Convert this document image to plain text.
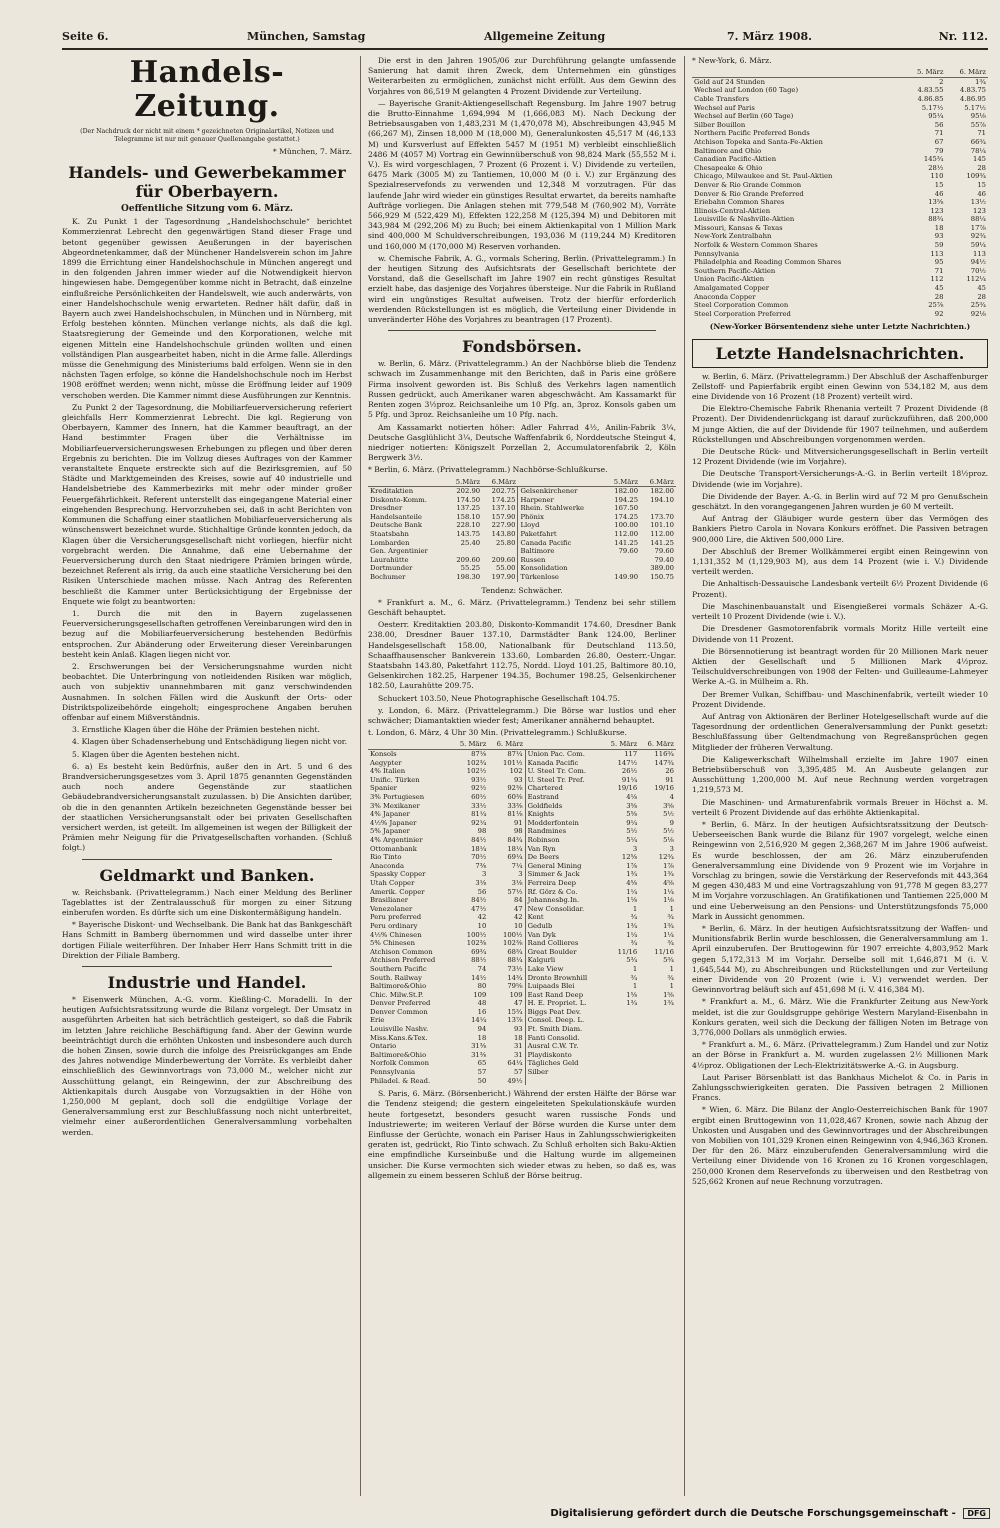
Seite 6.	München, Samstag	Allgemeine Zeitung	7. März 1908.	Nr. 112.
Handels-Zeitung.
(Der Nachdruck der nicht mit einem * gezeichneten Originalartikel, Notizen und Telegramme ist nur mit genauer Quellenangabe gestattet.)
* München, 7. März.
Handels- und Gewerbekammer für Oberbayern.
Oeffentliche Sitzung vom 6. März.

K. Zu Punkt 1 der Tagesordnung „Handelshochschule“ berichtet Kommerzienrat Lebrecht den gegenwärtigen Stand dieser Frage und betont gegenüber gewissen Aeußerungen in der bayerischen Abgeordnetenkammer, daß der Münchener Handelsverein schon im Jahre 1899 die Errichtung einer Handelshochschule in München angeregt und in den folgenden Jahren immer wieder auf die Notwendigkeit hiervon hingewiesen habe. Demgegenüber komme nicht in Betracht, daß einzelne einflußreiche Persönlichkeiten der Handelswelt, wie auch anderwärts, von einer Handelshochschule wenig erwarteten. Redner hält dafür, daß in Bayern auch zwei Handelshochschulen, in München und in Nürnberg, mit Erfolg bestehen könnten. München verlange nichts, als daß die kgl. Staatsregierung der Gemeinde und den Korporationen, welche mit eigenen Mitteln eine Handelshochschule gründen wollten und einen vollständigen Plan ausgearbeitet haben, nicht in die Arme falle. Allerdings müsse die Genehmigung des Ministeriums bald erfolgen. Wenn sie in den nächsten Tagen erfolge, so könne die Handelshochschule noch im Herbst 1908 eröffnet werden; wenn nicht, müsse die Eröffnung leider auf 1909 verschoben werden. Die Kammer nimmt diese Ausführungen zur Kenntnis.

Zu Punkt 2 der Tagesordnung, die Mobiliarfeuerversicherung referiert gleichfalls Herr Kommerzienrat Lebrecht. Die kgl. Regierung von Oberbayern, Kammer des Innern, hat die Kammer beauftragt, an der Hand bestimmter Fragen über die Verhältnisse im Mobiliarfeuerversicherungswesen Erhebungen zu pflegen und über deren Ergebnis zu berichten. Die im Vollzug dieses Auftrages von der Kammer veranstaltete Enquete erstreckte sich auf die Bezirksgremien, auf 50 Städte und Marktgemeinden des Kreises, sowie auf 40 industrielle und Handelsbetriebe des Kammerbezirks mit mehr oder minder großer Feuergefährlichkeit. Referent unterstellt das eingegangene Material einer eingehenden Besprechung. Hervorzuheben sei, daß in acht Berichten von Kommunen die Schaffung einer staatlichen Mobiliarfeuerversicherung als wünschenswert bezeichnet wurde. Stichhaltige Gründe konnten jedoch, da Klagen über die Versicherungsgesellschaft nicht vorliegen, hierfür nicht vorgebracht werden. Die Annahme, daß eine Uebernahme der Feuerversicherung durch den Staat niedrigere Prämien bringen würde, bezeichnet Referent als irrig, da auch eine staatliche Versicherung bei den Risiken Unterschiede machen müsse. Nach Antrag des Referenten beschließt die Kammer unter Berücksichtigung der Ergebnisse der Enquete wie folgt zu beantworten:

1. Durch die mit den in Bayern zugelassenen Feuerversicherungsgesellschaften getroffenen Vereinbarungen wird den in bezug auf die Mobiliarfeuerversicherung bestehenden Bedürfnis entsprochen. Zur Abänderung oder Erweiterung dieser Vereinbarungen besteht kein Anlaß. Klagen liegen nicht vor.

2. Erschwerungen bei der Versicherungsnahme wurden nicht beobachtet. Die Unterbringung von notleidenden Risiken war möglich, auch von subjektiv unannehmbaren mit ganz verschwindenden Ausnahmen. In solchen Fällen wird die Auskunft der Orts- oder Distriktspolizeibehörde eingeholt; eingesprochene Angaben beruhen offenbar auf einem Mißverständnis.

3. Ernstliche Klagen über die Höhe der Prämien bestehen nicht.

4. Klagen über Schadenserhebung und Entschädigung liegen nicht vor.

5. Klagen über die Agenten bestehen nicht.

6. a) Es besteht kein Bedürfnis, außer den in Art. 5 und 6 des Brandversicherungsgesetzes vom 3. April 1875 genannten Gegenständen auch noch andere Gegenstände zur staatlichen Gebäudebrandversicherungsanstalt zuzulassen. b) Die Ansichten darüber, ob die in den genannten Artikeln bezeichneten Gegenstände besser bei der staatlichen Versicherungsanstalt oder bei privaten Gesellschaften versichert werden, ist geteilt. Im allgemeinen ist wegen der Billigkeit der Prämien mehr Neigung für die Privatgesellschaften vorhanden. (Schluß folgt.)

Geldmarkt und Banken.

w. Reichsbank. (Privattelegramm.) Nach einer Meldung des Berliner Tageblattes ist der Zentralausschuß für morgen zu einer Sitzung einberufen worden. Es dürfte sich um eine Diskontermäßigung handeln.

* Bayerische Diskont- und Wechselbank. Die Bank hat das Bankgeschäft Hans Schmitt in Bamberg übernommen und wird dasselbe unter ihrer dortigen Filiale weiterführen. Der Inhaber Herr Hans Schmitt tritt in die Direktion der Filiale Bamberg.

Industrie und Handel.

* Eisenwerk München, A.-G. vorm. Kießling-C. Moradelli. In der heutigen Aufsichtsratssitzung wurde die Bilanz vorgelegt. Der Umsatz in ausgeführten Arbeiten hat sich beträchtlich gesteigert, so daß die Fabrik im letzten Jahre reichliche Beschäftigung fand. Aber der Gewinn wurde beeinträchtigt durch die erhöhten Unkosten und insbesondere auch durch die hohen Zinsen, sowie durch die infolge des Preisrückganges am Ende des Jahres notwendige Minderbewertung der Vorräte. Es verbleibt daher einschließlich des Gewinnvortrags von 73,000 M., welcher nicht zur Ausschüttung gelangt, ein Reingewinn, der zur Abschreibung des Aktienkapitals durch Ausgabe von Vorzugsaktien in der Höhe von 1,250,000 M geplant, doch soll die endgültige Vorlage der Generalversammlung erst zur Beschlußfassung noch nicht unterbreitet, vielmehr einer außerordentlichen Generalversammlung vorbehalten werden.

Die erst in den Jahren 1905/06 zur Durchführung gelangte umfassende Sanierung hat damit ihren Zweck, dem Unternehmen ein günstiges Weiterarbeiten zu ermöglichen, zunächst nicht erfüllt. Aus dem Gewinn des Vorjahres von 86,519 M gelangten 4 Prozent Dividende zur Verteilung.

— Bayerische Granit-Aktiengesellschaft Regensburg. Im Jahre 1907 betrug die Brutto-Einnahme 1,694,994 M (1,666,083 M). Nach Deckung der Betriebsausgaben von 1,483,231 M (1,470,078 M), Abschreibungen 43,945 M (66,267 M), Zinsen 18,000 M (18,000 M), Generalunkosten 45,517 M (46,133 M) und Kursverlust auf Effekten 5457 M (1951 M) verbleibt einschließlich 2486 M (4057 M) Vortrag ein Gewinnüberschuß von 98,824 Mark (55,552 M i. V.). Es wird vorgeschlagen, 7 Prozent (6 Prozent i. V.) Dividende zu verteilen, 6475 Mark (3005 M) zu Tantiemen, 10,000 M (0 i. V.) zur Ergänzung des Spezialreservefonds zu verwenden und 12,348 M vorzutragen. Für das laufende Jahr wird wieder ein günstiges Resultat erwartet, da bereits namhafte Aufträge vorliegen. Die Anlagen stehen mit 779,548 M (760,902 M), Vorräte 566,929 M (522,429 M), Effekten 122,258 M (125,394 M) und Debitoren mit 343,984 M (292,206 M) zu Buch; bei einem Aktienkapital von 1 Million Mark sind 400,000 M Schuldverschreibungen, 193,036 M (119,244 M) Kreditoren und 160,000 M (170,000 M) Reserven vorhanden.

w. Chemische Fabrik, A. G., vormals Schering, Berlin. (Privattelegramm.) In der heutigen Sitzung des Aufsichtsrats der Gesellschaft berichtete der Vorstand, daß die Gesellschaft im Jahre 1907 ein recht günstiges Resultat erzielt habe, das dasjenige des Vorjahres übersteige. Nur die Fabrik in Rußland wird ein ungünstiges Resultat aufweisen. Trotz der hierfür erforderlich werdenden Rückstellungen ist es möglich, die Verteilung einer Dividende in unveränderter Höhe des Vorjahres zu beantragen (17 Prozent).

Fondsbörsen.

w. Berlin, 6. März. (Privattelegramm.) An der Nachbörse blieb die Tendenz schwach im Zusammenhange mit den Berichten, daß in Paris eine größere Firma insolvent geworden ist. Bis Schluß des Verkehrs lagen namentlich Russen gedrückt, auch Amerikaner waren abgeschwächt. Am Kassamarkt für Renten zogen 3½proz. Reichsanleihe um 10 Pfg. an, 3proz. Konsols gaben um 5 Pfg. und 3proz. Reichsanleihe um 10 Pfg. nach.

Am Kassamarkt notierten höher: Adler Fahrrad 4½, Anilin-Fabrik 3¼, Deutsche Gasglühlicht 3¼, Deutsche Waffenfabrik 6, Norddeutsche Steingut 4, niedriger notierten: Königszelt Porzellan 2, Accumulatorenfabrik 2, Köln Bergwerk 3½.

* Berlin, 6. März. (Privattelegramm.) Nachbörse-Schlußkurse.

	5.März	6.März		5.März	6.März
Kreditaktien	202.90	202.75	Gelsenkirchener	182.00	182.00
Diskonto-Komm.	174.50	174.25	Harpener	194.25	194.10
Dresdner	137.25	137.10	Rhein. Stahlwerke	167.50	
Handelsanteile	158.10	157.90	Phönix	174.25	173.70
Deutsche Bank	228.10	227.90	Lloyd	100.00	101.10
Staatsbahn	143.75	143.80	Paketfahrt	112.00	112.00
Lombarden	25.40	25.80	Canada Pacific	141.25	141.25
Gen. Argentinier			Baltimore	79.60	79.60
Laurahütte	209.60	209.60	Russen		79.40
Dortmunder	55.25	55.00	Konsolidation		389.00
Bochumer	198.30	197.90	Türkenlose	149.90	150.75

Tendenz: Schwächer.

* Frankfurt a. M., 6. März. (Privattelegramm.) Tendenz bei sehr stillem Geschäft behauptet.

Oesterr. Kreditaktien 203.80, Diskonto-Kommandit 174.60, Dresdner Bank 238.00, Dresdner Bauer 137.10, Darmstädter Bank 124.00, Berliner Handelsgesellschaft 158.00, Nationalbank für Deutschland 113.50, Schaaffhausenscher Bankverein 133.60, Lombarden 26.80, Oesterr.-Ungar. Staatsbahn 143.80, Paketfahrt 112.75, Nordd. Lloyd 101.25, Baltimore 80.10, Gelsenkirchen 182.25, Harpener 194.35, Bochumer 198.25, Gelsenkirchener 182.50, Laurahütte 209.75.

Schuckert 103.50, Neue Photographische Gesellschaft 104.75.

y. London, 6. März. (Privattelegramm.) Die Börse war lustlos und eher schwächer; Diamantaktien wieder fest; Amerikaner annähernd behauptet.

t. London, 6. März, 4 Uhr 30 Min. (Privattelegramm.) Schlußkurse.

	5. März	6. März		5. März	6. März
Konsols	87⅛	87¼	Union Pac. Com.	117	116¾
Aegypter	102¾	101½	Kanada Pacific	147½	147¾
4% Italien	102½	102	U. Steel Tr. Com.	26½	26
Unific. Türken	93½	93	U. Steel Tr. Pref.	91¼	91
Spanier	92½	92⅜	Chartered	19/16	19/16
3% Portugiesen	60½	60⅜	Eastrand	4⅛	4
3% Mexikaner	33½	33⅜	Goldfields	3⅝	3⅝
4% Japaner	81¼	81⅛	Knights	5⅝	5½
4½% Japaner	92¼	91	Modderfontein	9¼	9
5% Japaner	98	98	Randmines	5½	5½
4% Argentinier	84½	84¾	Robinson	5¼	5⅛
Ottomanbank	18¼	18¼	Van Ryn	3	3
Rio Tinto	70½	69¼	De Beers	12⅝	12¾
Anaconda	7⅜	7¼	General Mining	1⅞	1⅞
Spassky Copper	3	3	Simmer & Jack	1¾	1¾
Utah Copper	3⅛	3⅛	Ferreira Deep	4⅝	4⅝
Amerik. Copper	56	57½	Rf. Görz & Co.	1¼	1¼
Brasilianer	84½	84	Johannesbg.In.	1⅛	1⅛
Venezolaner	47½	47	New Consolidar.	1	1
Peru preferred	42	42	Kent	¾	¾
Peru ordinary	10	10	Gedulb	1¾	1¾
4½% Chinesen	100½	100½	Van Dyk	1¼	1¼
5% Chinesen	102⅜	102⅜	Rand Collieres	¾	¾
Atchison Common	69¾	68¾	Great Boulder	11/16	11/16
Atchison Preferred	88½	88¼	Kalgurli	5¾	5¾
Southern Pacific	74	73½	Lake View	1	1
South. Railway	14½	14¾	Dronto Brownhill	¾	¾
Baltimore&Ohio	80	79⅝	Luipaads Blei	1	1
Chic. Milw.St.P.	109	109	East Rand Deep	1⅝	1⅝
Denver Preferred	48	47	H. E. Propriet. L.	1¾	1¾
Denver Common	16	15¾	Biggs Peat Dev.		
Erie	14¼	13⅞	Consol. Deep. L.		
Louisville Nashv.	94	93	Ft. Smith Diam.		
Miss.Kans.&Tex.	18	18	Fanti Consolid.		
Ontario	31⅜	31	Ausral C.W. Tr.		
Baltimore&Ohio	31⅜	31	Playdiskonto		
Norfolk Common	65	64¼	Tägliches Geld		
Pennsylvania	57	57	Silber		
Philadel. & Read.	50	49½			

S. Paris, 6. März. (Börsenbericht.) Während der ersten Hälfte der Börse war die Tendenz steigend; die gestern eingeleiteten Spekulationskäufe wurden heute fortgesetzt, besonders gesucht waren russische Fonds und Industriewerte; im weiteren Verlauf der Börse wurden die Kurse unter dem Einflusse der Gerüchte, wonach ein Pariser Haus in Zahlungsschwierigkeiten geraten ist, gedrückt, Rio Tinto schwach. Zu Schluß erholten sich Baku-Aktien eine empfindliche Kurseinbuße und die Haltung wurde im allgemeinen unsicher. Die Kurse vermochten sich wieder etwas zu heben, so daß es, was allgemein zu einem besseren Schluß der Börse beitrug.

* New-York, 6. März.

	5. März	6. März
Geld auf 24 Stunden	2	1¾
Wechsel auf London (60 Tage)	4.83.55	4.83.75
Cable Transfers	4.86.85	4.86.95
Wechsel auf Paris	5.17½	5.17½
Wechsel auf Berlin (60 Tage)	95¼	95⅛
Silber Bouillon	56	55⅞
Northern Pacific Preferred Bonds	71	71
Atchison Topeka and Santa-Fe-Aktien	67	66¾
Baltimore and Ohio	79	78¼
Canadian Pacific-Aktien	145¾	145
Chesapeake & Ohio	28½	28
Chicago, Milwaukee and St. Paul-Aktien	110	109¾
Denver & Rio Grande Common	15	15
Denver & Rio Grande Preferred	46	46
Eriebahn Common Shares	13⅝	13½
Illinois-Central-Aktien	123	123
Louisville & Nashville-Aktien	88¾	88¼
Missouri, Kansas & Texas	18	17⅞
New-York Zentralbahn	93	92¾
Norfolk & Western Common Shares	59	59¼
Pennsylvania	113	113
Philadelphia and Reading Common Shares	95	94½
Southern Pacific-Aktien	71	70½
Union Pacific-Aktien	112	112¼
Amalgamated Copper	45	45
Anaconda Copper	28	28
Steel Corporation Common	25⅞	25¾
Steel Corporation Preferred	92	92⅛

(New-Yorker Börsentendenz siehe unter Letzte Nachrichten.)

Letzte Handelsnachrichten.

w. Berlin, 6. März. (Privattelegramm.) Der Abschluß der Aschaffenburger Zellstoff- und Papierfabrik ergibt einen Gewinn von 534,182 M, aus dem eine Dividende von 16 Prozent (18 Prozent) verteilt wird.

Die Elektro-Chemische Fabrik Rhenania verteilt 7 Prozent Dividende (8 Prozent). Der Dividendenrückgang ist darauf zurückzuführen, daß 200,000 M junge Aktien, die auf der Dividende für 1907 teilnehmen, und außerdem Rückstellungen und Abschreibungen vorgenommen werden.

Die Deutsche Rück- und Mitversicherungsgesellschaft in Berlin verteilt 12 Prozent Dividende (wie im Vorjahre).

Die Deutsche Transport-Versicherungs-A.-G. in Berlin verteilt 18½proz. Dividende (wie im Vorjahre).

Die Dividende der Bayer. A.-G. in Berlin wird auf 72 M pro Genußschein geschätzt. In den vorangegangenen Jahren wurden je 60 M verteilt.

Auf Antrag der Gläubiger wurde gestern über das Vermögen des Bankiers Pietro Carola in Novara Konkurs eröffnet. Die Passiven betragen 900,000 Lire, die Aktiven 500,000 Lire.

Der Abschluß der Bremer Wollkämmerei ergibt einen Reingewinn von 1,131,352 M (1,129,903 M), aus dem 14 Prozent (wie i. V.) Dividende verteilt werden.

Die Anhaltisch-Dessauische Landesbank verteilt 6½ Prozent Dividende (6 Prozent).

Die Maschinenbauanstalt und Eisengießerei vormals Schäzer A.-G. verteilt 10 Prozent Dividende (wie i. V.).

Die Dresdener Gasmotorenfabrik vormals Moritz Hille verteilt eine Dividende von 11 Prozent.

Die Börsennotierung ist beantragt worden für 20 Millionen Mark neuer Aktien der Gesellschaft und 5 Millionen Mark 4½proz. Teilschuldverschreibungen von 1908 der Felten- und Guilleaume-Lahmeyer Werke A.-G. in Mülheim a. Rh.

Der Bremer Vulkan, Schiffbau- und Maschinenfabrik, verteilt wieder 10 Prozent Dividende.

Auf Antrag von Aktionären der Berliner Hotelgesellschaft wurde auf die Tagesordnung der ordentlichen Generalversammlung der Punkt gesetzt: Beschlußfassung über Geltendmachung von Regreßansprüchen gegen Mitglieder der früheren Verwaltung.

Die Kaligewerkschaft Wilhelmshall erzielte im Jahre 1907 einen Betriebsüberschuß von 3,395,485 M. An Ausbeute gelangen zur Ausschüttung 1,200,000 M. Auf neue Rechnung werden vorgetragen 1,219,573 M.

Die Maschinen- und Armaturenfabrik vormals Breuer in Höchst a. M. verteilt 6 Prozent Dividende auf das erhöhte Aktienkapital.

* Berlin, 6. März. In der heutigen Aufsichtsratssitzung der Deutsch-Ueberseeischen Bank wurde die Bilanz für 1907 vorgelegt, welche einen Reingewinn von 2,516,920 M gegen 2,368,267 M im Jahre 1906 aufweist. Es wurde beschlossen, der am 26. März einzuberufenden Generalversammlung eine Dividende von 9 Prozent wie im Vorjahre in Vorschlag zu bringen, sowie die Verstärkung der Reservefonds mit 443,364 M gegen 430,483 M und eine Vortragszahlung von 91,778 M gegen 83,277 M im Vorjahre vorzuschlagen. An Gratifikationen und Tantiemen 225,000 M und eine Ueberweisung an den Pensions- und Unterstützungsfonds 75,000 Mark in Aussicht genommen.

* Berlin, 6. März. In der heutigen Aufsichtsratssitzung der Waffen- und Munitionsfabrik Berlin wurde beschlossen, die Generalversammlung am 1. April einzuberufen. Der Bruttogewinn für 1907 erreichte 4,803,952 Mark gegen 5,172,313 M im Vorjahr. Derselbe soll mit 1,646,871 M (i. V. 1,645,544 M), zu Abschreibungen und Rückstellungen und zur Verteilung einer Dividende von 20 Prozent (wie i. V.) verwendet werden. Der Gewinnvortrag beläuft sich auf 451,698 M (i. V. 416,384 M).

* Frankfurt a. M., 6. März. Wie die Frankfurter Zeitung aus New-York meldet, ist die zur Gouldsgruppe gehörige Western Maryland-Eisenbahn in Konkurs geraten, weil sich die Deckung der fälligen Noten im Betrage von 3,776,000 Dollars als unmöglich erwies.

* Frankfurt a. M., 6. März. (Privattelegramm.) Zum Handel und zur Notiz an der Börse in Frankfurt a. M. wurden zugelassen 2½ Millionen Mark 4½proz. Obligationen der Lech-Elektrizitätswerke A.-G. in Augsburg.

Laut Pariser Börsenblatt ist das Bankhaus Michelot & Co. in Paris in Zahlungsschwierigkeiten geraten. Die Passiven betragen 2 Millionen Francs.

* Wien, 6. März. Die Bilanz der Anglo-Oesterreichischen Bank für 1907 ergibt einen Bruttogewinn von 11,028,467 Kronen, sowie nach Abzug der Unkosten und Ausgaben und des Gewinnvortrages und der Abschreibungen von Mobilien von 101,329 Kronen einen Reingewinn von 4,946,363 Kronen. Der für den 26. März einzuberufenden Generalversammlung wird die Verteilung einer Dividende von 16 Kronen zu 16 Kronen vorgeschlagen, 250,000 Kronen dem Reservefonds zu überweisen und den Restbetrag von 525,662 Kronen auf neue Rechnung vorzutragen.

Digitalisierung gefördert durch die Deutsche Forschungsgemeinschaft - DFG
